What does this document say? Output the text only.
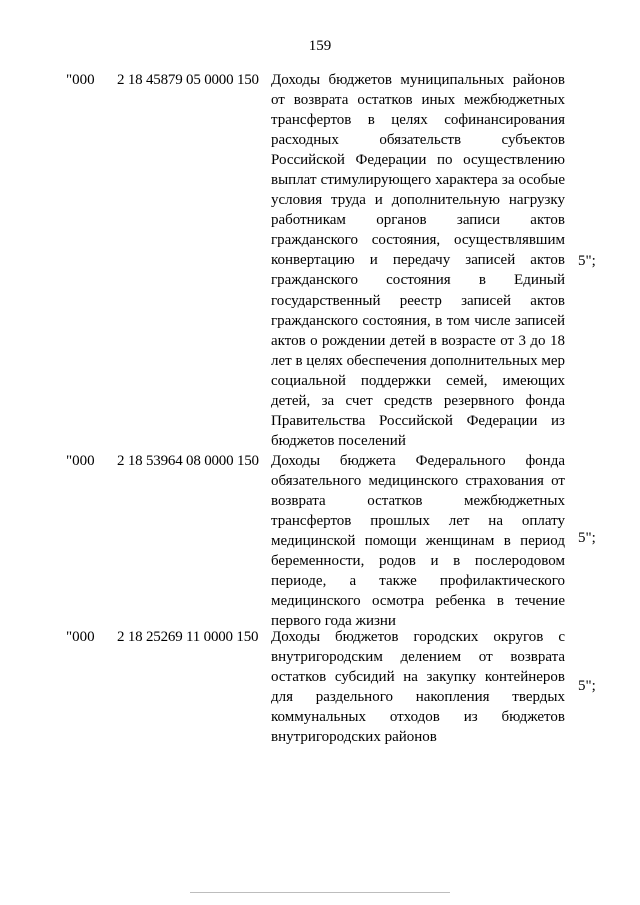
159
"000 2 18 45879 05 0000 150 Доходы бюджетов муниципальных районов от возврата остатков иных межбюджетных трансфертов в целях софинансирования расходных обязательств субъектов Российской Федерации по осуществлению выплат стимулирующего характера за особые условия труда и дополнительную нагрузку работникам органов записи актов гражданского состояния, осуществлявшим конвертацию и передачу записей актов гражданского состояния в Единый государственный реестр записей актов гражданского состояния, в том числе записей актов о рождении детей в возрасте от 3 до 18 лет в целях обеспечения дополнительных мер социальной поддержки семей, имеющих детей, за счет средств резервного фонда Правительства Российской Федерации из бюджетов поселений
5";
"000 2 18 53964 08 0000 150 Доходы бюджета Федерального фонда обязательного медицинского страхования от возврата остатков межбюджетных трансфертов прошлых лет на оплату медицинской помощи женщинам в период беременности, родов и в послеродовом периоде, а также профилактического медицинского осмотра ребенка в течение первого года жизни
5";
"000 2 18 25269 11 0000 150 Доходы бюджетов городских округов с внутригородским делением от возврата остатков субсидий на закупку контейнеров для раздельного накопления твердых коммунальных отходов из бюджетов внутригородских районов
5";
